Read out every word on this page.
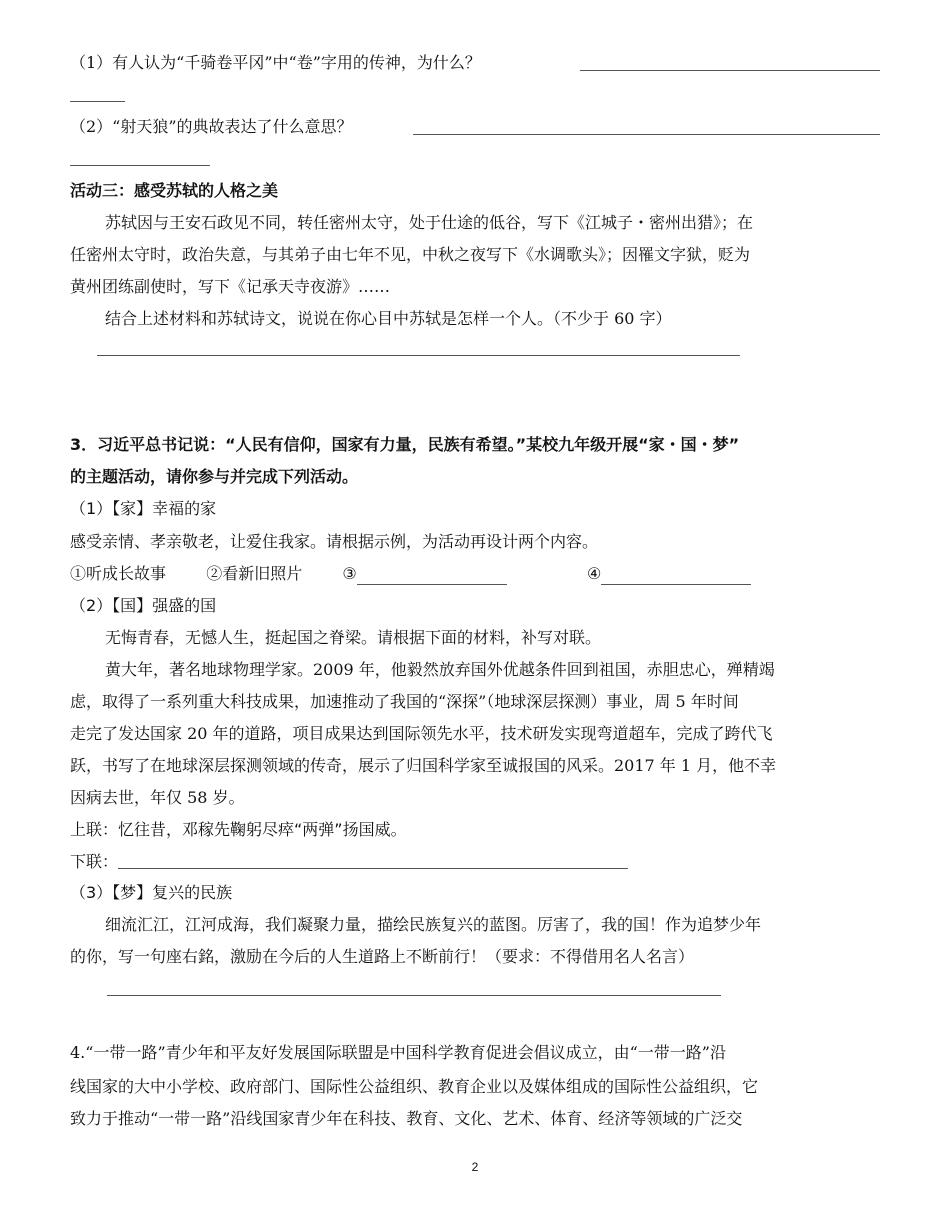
（1）有人认为“千骑卷平冈”中“卷”字用的传神，为什么？
（2）“射天狼”的典故表达了什么意思？
活动三：感受苏轼的人格之美
苏轼因与王安石政见不同，转任密州太守，处于仕途的低谷，写下《江城子・密州出猎》；在
任密州太守时，政治失意，与其弟子由七年不见，中秋之夜写下《水调歌头》；因罹文字狱，贬为
黄州团练副使时，写下《记承天寺夜游》……
结合上述材料和苏轼诗文，说说在你心目中苏轼是怎样一个人。（不少于 60 字）
3．习近平总书记说：“人民有信仰，国家有力量，民族有希望。”某校九年级开展“家・国・梦”
的主题活动，请你参与并完成下列活动。
（1）【家】幸福的家
感受亲情、孝亲敬老，让爱住我家。请根据示例，为活动再设计两个内容。
①听成长故事	②看新旧照片	③	④
（2）【国】强盛的国
无悔青春，无憾人生，挺起国之脊梁。请根据下面的材料，补写对联。
黄大年，著名地球物理学家。2009 年，他毅然放弃国外优越条件回到祖国，赤胆忠心，殚精竭
虑，取得了一系列重大科技成果，加速推动了我国的“深探”（地球深层探测）事业，周 5 年时间
走完了发达国家 20 年的道路，项目成果达到国际领先水平，技术研发实现弯道超车，完成了跨代飞
跃，书写了在地球深层探测领域的传奇，展示了归国科学家至诚报国的风采。2017 年 1 月，他不幸
因病去世，年仅 58 岁。
上联：忆往昔，邓稼先鞠躬尽瘁“两弹”扬国威。
下联：
（3）【梦】复兴的民族
细流汇江，江河成海，我们凝聚力量，描绘民族复兴的蓝图。厉害了，我的国！作为追梦少年
的你，写一句座右銘，激励在今后的人生道路上不断前行！（要求：不得借用名人名言）
4.“一带一路”青少年和平友好发展国际联盟是中国科学教育促进会倡议成立，由“一带一路”沿
线国家的大中小学校、政府部门、国际性公益组织、教育企业以及媒体组成的国际性公益组织，它
致力于推动“一带一路”沿线国家青少年在科技、教育、文化、艺术、体育、经济等领域的广泛交
2
